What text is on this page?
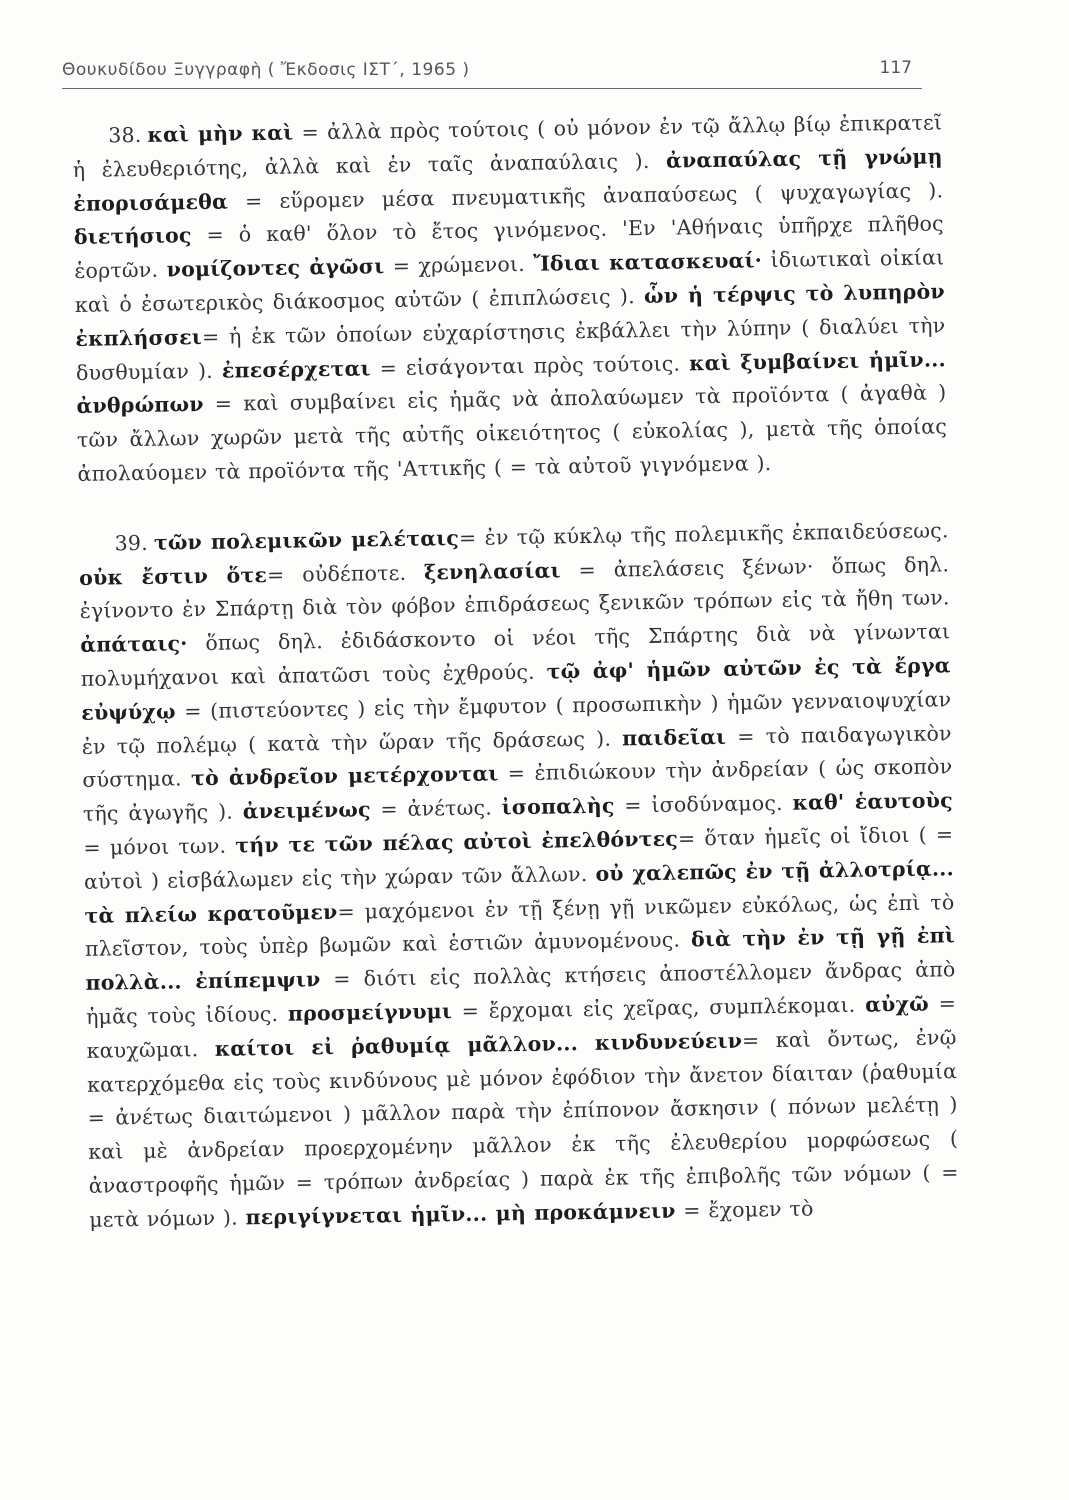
Θουκυδίδου Ξυγγραφὴ ( Ἔκδοσις ΙΣΤ΄, 1965 )	117

38. καὶ μὴν καὶ = ἀλλὰ πρὸς τούτοις ( οὐ μόνον ἐν τῷ ἄλλῳ βίῳ ἐπικρατεῖ ἡ ἐλευθεριότης, ἀλλὰ καὶ ἐν ταῖς ἀναπαύλαις ). ἀναπαύλας τῇ γνώμῃ ἐπορισάμεθα = εὕρομεν μέσα πνευματικῆς ἀναπαύσεως ( ψυχαγωγίας ). διετήσιος = ὁ καθ' ὅλον τὸ ἔτος γινόμενος. 'Εν 'Αθήναις ὑπῆρχε πλῆθος ἑορτῶν. νομίζοντες ἀγῶσι = χρώμενοι. Ἴδιαι κατασκευαί· ἰδιωτικαὶ οἰκίαι καὶ ὁ ἐσωτερικὸς διάκοσμος αὐτῶν ( ἐπιπλώσεις ). ὧν ἡ τέρψις τὸ λυπηρὸν ἐκπλήσσει= ἡ ἐκ τῶν ὁποίων εὐχαρίστησις ἐκβάλλει τὴν λύπην ( διαλύει τὴν δυσθυμίαν ). ἐπεσέρχεται = εἰσάγονται πρὸς τούτοις. καὶ ξυμβαίνει ἡμῖν... ἀνθρώπων = καὶ συμβαίνει εἰς ἡμᾶς νὰ ἀπολαύωμεν τὰ προϊόντα ( ἀγαθὰ ) τῶν ἄλλων χωρῶν μετὰ τῆς αὐτῆς οἰκειότητος ( εὐκολίας ), μετὰ τῆς ὁποίας ἀπολαύομεν τὰ προϊόντα τῆς 'Αττικῆς ( = τὰ αὐτοῦ γιγνόμενα ).

39. τῶν πολεμικῶν μελέταις= ἐν τῷ κύκλῳ τῆς πολεμικῆς ἐκπαιδεύσεως. οὐκ ἔστιν ὅτε= οὐδέποτε. ξενηλασίαι = ἀπελάσεις ξένων· ὅπως δηλ. ἐγίνοντο ἐν Σπάρτῃ διὰ τὸν φόβον ἐπιδράσεως ξενικῶν τρόπων εἰς τὰ ἤθη των. ἀπάταις· ὅπως δηλ. ἐδιδάσκοντο οἱ νέοι τῆς Σπάρτης διὰ νὰ γίνωνται πολυμήχανοι καὶ ἀπατῶσι τοὺς ἐχθρούς. τῷ ἀφ' ἡμῶν αὐτῶν ἐς τὰ ἔργα εὐψύχῳ = (πιστεύοντες ) εἰς τὴν ἔμφυτον ( προσωπικὴν ) ἡμῶν γενναιοψυχίαν ἐν τῷ πολέμῳ ( κατὰ τὴν ὥραν τῆς δράσεως ). παιδεῖαι = τὸ παιδαγωγικὸν σύστημα. τὸ ἀνδρεῖον μετέρχονται = ἐπιδιώκουν τὴν ἀνδρείαν ( ὡς σκοπὸν τῆς ἀγωγῆς ). ἀνειμένως = ἀνέτως. ἰσοπαλὴς = ἰσοδύναμος. καθ' ἑαυτοὺς = μόνοι των. τήν τε τῶν πέλας αὐτοὶ ἐπελθόντες= ὅταν ἡμεῖς οἱ ἴδιοι ( = αὐτοὶ ) εἰσβάλωμεν εἰς τὴν χώραν τῶν ἄλλων. οὐ χαλεπῶς ἐν τῇ ἀλλοτρίᾳ... τὰ πλείω κρατοῦμεν= μαχόμενοι ἐν τῇ ξένῃ γῇ νικῶμεν εὐκόλως, ὡς ἐπὶ τὸ πλεῖστον, τοὺς ὑπὲρ βωμῶν καὶ ἑστιῶν ἀμυνομένους. διὰ τὴν ἐν τῇ γῇ ἐπὶ πολλὰ... ἐπίπεμψιν = διότι εἰς πολλὰς κτήσεις ἀποστέλλομεν ἄνδρας ἀπὸ ἡμᾶς τοὺς ἰδίους. προσμείγνυμι = ἔρχομαι εἰς χεῖρας, συμπλέκομαι. αὐχῶ = καυχῶμαι. καίτοι εἰ ῥαθυμίᾳ μᾶλλον... κινδυνεύειν= καὶ ὄντως, ἐνῷ κατερχόμεθα εἰς τοὺς κινδύνους μὲ μόνον ἐφόδιον τὴν ἄνετον δίαιταν (ῥαθυμία = ἀνέτως διαιτώμενοι ) μᾶλλον παρὰ τὴν ἐπίπονον ἄσκησιν ( πόνων μελέτῃ ) καὶ μὲ ἀνδρείαν προερχομένην μᾶλλον ἐκ τῆς ἐλευθερίου μορφώσεως ( ἀναστροφῆς ἡμῶν = τρόπων ἀνδρείας ) παρὰ ἐκ τῆς ἐπιβολῆς τῶν νόμων ( = μετὰ νόμων ). περιγίγνεται ἡμῖν... μὴ προκάμνειν = ἔχομεν τὸ
